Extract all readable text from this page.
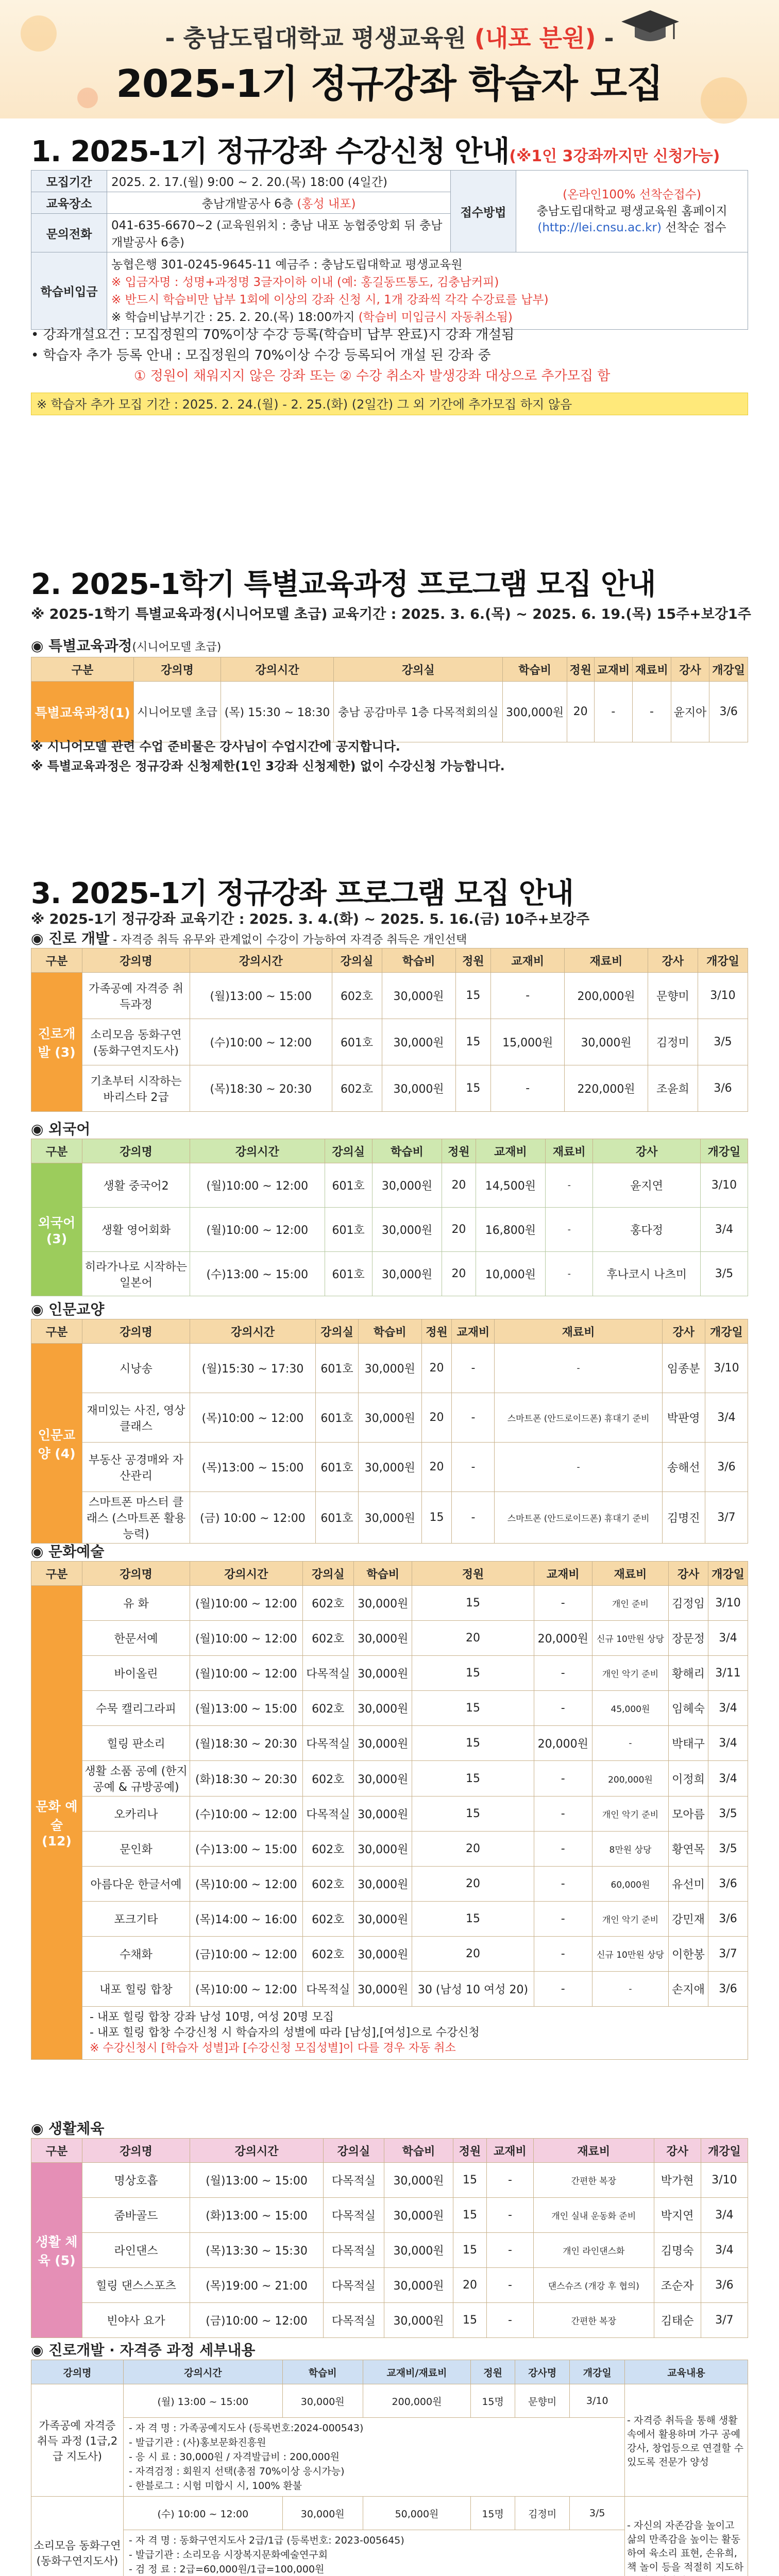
- 충남도립대학교 평생교육원 (내포 분원) -
2025-1기 정규강좌 학습자 모집
1. 2025-1기 정규강좌 수강신청 안내(※1인 3강좌까지만 신청가능)
모집기간	2025. 2. 17.(월) 9:00 ~ 2. 20.(목) 18:00 (4일간)	접수방법	(온라인100% 선착순접수)
충남도립대학교 평생교육원 홈페이지
(http://lei.cnsu.ac.kr) 선착순 접수

교육장소	충남개발공사 6층 (홍성 내포)		
문의전화	041-635-6670~2 (교육원위치 : 충남 내포 농협중앙회 뒤 충남개발공사 6층)		
학습비입금	농협은행 301-0245-9645-11 예금주 : 충남도립대학교 평생교육원
※ 입금자명 : 성명+과정명 3글자이하 이내 (예: 홍길동뜨통도, 김충남커피)
※ 반드시 학습비만 납부 1회에 이상의 강좌 신청 시, 1개 강좌씩 각각 수강료를 납부)
※ 학습비납부기간 : 25. 2. 20.(목) 18:00까지 (학습비 미입금시 자동취소됨)		
• 강좌개설요건 : 모집정원의 70%이상 수강 등록(학습비 납부 완료)시 강좌 개설됨
• 학습자 추가 등록 안내 : 모집정원의 70%이상 수강 등록되어 개설 된 강좌 중
① 정원이 채워지지 않은 강좌 또는 ② 수강 취소자 발생강좌 대상으로 추가모집 함
※ 학습자 추가 모집 기간 : 2025. 2. 24.(월) - 2. 25.(화) (2일간) 그 외 기간에 추가모집 하지 않음
2. 2025-1학기 특별교육과정 프로그램 모집 안내
※ 2025-1학기 특별교육과정(시니어모델 초급) 교육기간 : 2025. 3. 6.(목) ~ 2025. 6. 19.(목) 15주+보강1주
◉ 특별교육과정(시니어모델 초급)
구분	강의명	강의시간	강의실	학습비	정원	교재비	재료비	강사	개강일
특별교육과정(1)	시니어모델 초급	(목) 15:30 ~ 18:30	충남 공감마루 1층 다목적회의실	300,000원	20	-	-	윤지아	3/6
※ 시니어모델 관련 수업 준비물은 강사님이 수업시간에 공지합니다.
※ 특별교육과정은 정규강좌 신청제한(1인 3강좌 신청제한) 없이 수강신청 가능합니다.
3. 2025-1기 정규강좌 프로그램 모집 안내
※ 2025-1기 정규강좌 교육기간 : 2025. 3. 4.(화) ~ 2025. 5. 16.(금) 10주+보강주
◉ 진로 개발 - 자격증 취득 유무와 관계없이 수강이 가능하여 자격증 취득은 개인선택
구분	강의명	강의시간	강의실	학습비	정원	교재비	재료비	강사	개강일
진로개발 (3)	가족공예 자격증 취득과정	(월)13:00 ~ 15:00	602호	30,000원	15	-	200,000원	문향미	3/10
	소리모음 동화구연 (동화구연지도사)	(수)10:00 ~ 12:00	601호	30,000원	15	15,000원	30,000원	김정미	3/5
	기초부터 시작하는 바리스타 2급	(목)18:30 ~ 20:30	602호	30,000원	15	-	220,000원	조윤희	3/6
◉ 외국어
구분	강의명	강의시간	강의실	학습비	정원	교재비	재료비	강사	개강일
외국어 (3)	생활 중국어2	(월)10:00 ~ 12:00	601호	30,000원	20	14,500원	-	윤지연	3/10
	생활 영어회화	(월)10:00 ~ 12:00	601호	30,000원	20	16,800원	-	홍다정	3/4
	히라가나로 시작하는 일본어	(수)13:00 ~ 15:00	601호	30,000원	20	10,000원	-	후나코시 나츠미	3/5
◉ 인문교양
구분	강의명	강의시간	강의실	학습비	정원	교재비	재료비	강사	개강일
인문교양 (4)	시낭송	(월)15:30 ~ 17:30	601호	30,000원	20	-	-	임종분	3/10
	재미있는 사진, 영상 클래스	(목)10:00 ~ 12:00	601호	30,000원	20	-	스마트폰 (안드로이드폰) 휴대기 준비	박판영	3/4
	부동산 공경매와 자산관리	(목)13:00 ~ 15:00	601호	30,000원	20	-	-	송해선	3/6
	스마트폰 마스터 클래스 (스마트폰 활용 능력)	(금) 10:00 ~ 12:00	601호	30,000원	15	-	스마트폰 (안드로이드폰) 휴대기 준비	김명진	3/7
◉ 문화예술
구분	강의명	강의시간	강의실	학습비	정원	교재비	재료비	강사	개강일
문화 예술 (12)	유 화	(월)10:00 ~ 12:00	602호	30,000원	15	-	개인 준비	김정임	3/10
	한문서예	(월)10:00 ~ 12:00	602호	30,000원	20	20,000원	신규 10만원 상당	장문정	3/4
	바이올린	(월)10:00 ~ 12:00	다목적실	30,000원	15	-	개인 악기 준비	황해리	3/11
	수묵 캘리그라피	(월)13:00 ~ 15:00	602호	30,000원	15	-	45,000원	임헤숙	3/4
	힐링 판소리	(월)18:30 ~ 20:30	다목적실	30,000원	15	20,000원	-	박태구	3/4
	생활 소품 공예 (한지공예 & 규방공예)	(화)18:30 ~ 20:30	602호	30,000원	15	-	200,000원	이정희	3/4
	오카리나	(수)10:00 ~ 12:00	다목적실	30,000원	15	-	개인 악기 준비	모아름	3/5
	문인화	(수)13:00 ~ 15:00	602호	30,000원	20	-	8만원 상당	황연목	3/5
	아름다운 한글서예	(목)10:00 ~ 12:00	602호	30,000원	20	-	60,000원	유선미	3/6
	포크기타	(목)14:00 ~ 16:00	602호	30,000원	15	-	개인 악기 준비	강민재	3/6
	수채화	(금)10:00 ~ 12:00	602호	30,000원	20	-	신규 10만원 상당	이한봉	3/7
	내포 힐링 합창	(목)10:00 ~ 12:00	다목적실	30,000원	30 (남성 10 여성 20)	-	-	손지애	3/6

	- 내포 힐링 합창 강좌 남성 10명, 여성 20명 모집
- 내포 힐링 합창 수강신청 시 학습자의 성별에 따라 [남성],[여성]으로 수강신청
※ 수강신청시 [학습자 성별]과 [수강신청 모집성별]이 다를 경우 자동 취소								
◉ 생활체육
구분	강의명	강의시간	강의실	학습비	정원	교재비	재료비	강사	개강일
생활 체육 (5)	명상호흡	(월)13:00 ~ 15:00	다목적실	30,000원	15	-	간편한 복장	박가현	3/10
	줌바골드	(화)13:00 ~ 15:00	다목적실	30,000원	15	-	개인 실내 운동화 준비	박지연	3/4
	라인댄스	(목)13:30 ~ 15:30	다목적실	30,000원	15	-	개인 라인댄스화	김명숙	3/4
	힐링 댄스스포츠	(목)19:00 ~ 21:00	다목적실	30,000원	20	-	댄스슈즈 (개강 후 협의)	조순자	3/6
	빈야사 요가	(금)10:00 ~ 12:00	다목적실	30,000원	15	-	간편한 복장	김태순	3/7
◉ 진로개발 · 자격증 과정 세부내용
강의명	강의시간	학습비	교재비/재료비	정원	강사명	개강일	교육내용
가족공예 자격증 취득 과정 (1급,2급 지도사)	(월) 13:00 ~ 15:00	30,000원	200,000원	15명	문향미	3/10	- 자격증 취득을 통해 생활 속에서 활용하며 가구 공예 강사, 창업등으로 연결할 수 있도록 전문가 양성

	- 자 격 명 : 가족공예지도사 (등록번호:2024-000543)
- 발급기관 : (사)홍보문화진흥원
- 응 시 료 : 30,000원 / 자격발급비 : 200,000원
- 자격검정 : 회원지 선택(총점 70%이상 응시가능)
- 한블로그 : 시험 미합시 시, 100% 환불						

소리모음 동화구연 (동화구연지도사)	(수) 10:00 ~ 12:00	30,000원	50,000원	15명	김정미	3/5	- 자신의 자존감을 높이고 삶의 만족감을 높이는 활동하여 육소리 표현, 손유희, 책 놀이 등을 적절히 지도하

	- 자 격 명 : 동화구연지도사 2급/1급 (등록번호: 2023-005645)
- 발급기관 : 소리모음 시장복지문화예술연구회
- 검 정 료 : 2급=60,000원/1급=100,000원						
